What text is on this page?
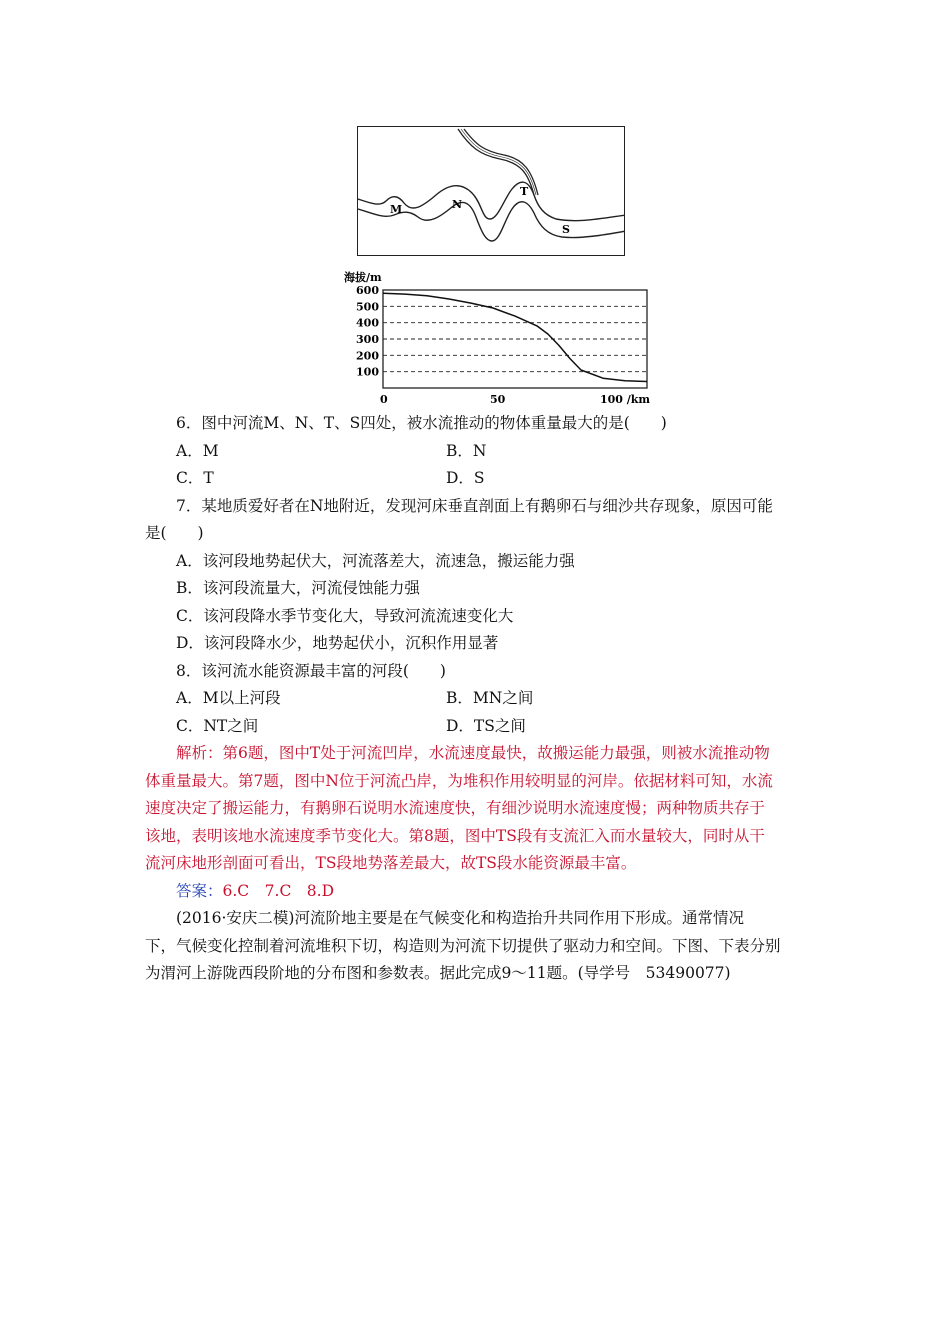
M	N
T
S
600
500
400
300
200
100
海拔/m
0	50	100 /km
6．图中河流M、N、T、S四处，被水流推动的物体重量最大的是(　　)
A．M	B．N
C．T	D．S
7．某地质爱好者在N地附近，发现河床垂直剖面上有鹅卵石与细沙共存现象，原因可能
是(　　)
A．该河段地势起伏大，河流落差大，流速急，搬运能力强
B．该河段流量大，河流侵蚀能力强
C．该河段降水季节变化大，导致河流流速变化大
D．该河段降水少，地势起伏小，沉积作用显著
8．该河流水能资源最丰富的河段(　　)
A．M以上河段	B．MN之间
C．NT之间	D．TS之间
解析：第6题，图中T处于河流凹岸，水流速度最快，故搬运能力最强，则被水流推动物
体重量最大。第7题，图中N位于河流凸岸，为堆积作用较明显的河岸。依据材料可知，水流
速度决定了搬运能力，有鹅卵石说明水流速度快，有细沙说明水流速度慢；两种物质共存于
该地，表明该地水流速度季节变化大。第8题，图中TS段有支流汇入而水量较大，同时从干
流河床地形剖面可看出，TS段地势落差最大，故TS段水能资源最丰富。
答案：6.C　7.C　8.D
(2016·安庆二模)河流阶地主要是在气候变化和构造抬升共同作用下形成。通常情况
下，气候变化控制着河流堆积下切，构造则为河流下切提供了驱动力和空间。下图、下表分别
为渭河上游陇西段阶地的分布图和参数表。据此完成9～11题。(导学号　53490077)
